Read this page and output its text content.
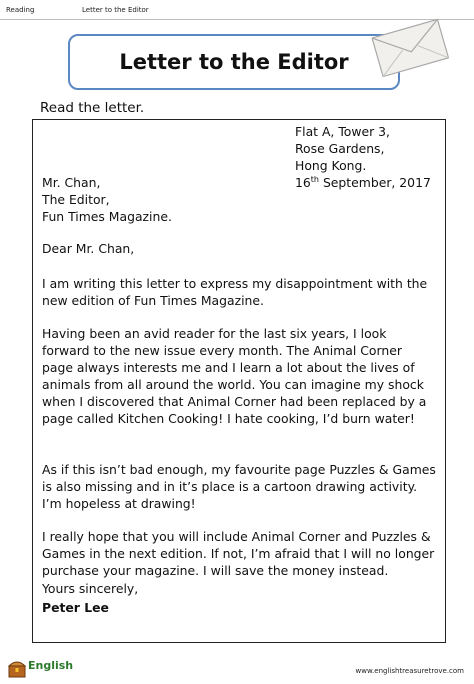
Reading	Letter to the Editor
Letter to the Editor
Read the letter.
Flat A, Tower 3,
Rose Gardens,
Hong Kong.
16th September, 2017
Mr. Chan,
The Editor,
Fun Times Magazine.
Dear Mr. Chan,
I am writing this letter to express my disappointment with the new edition of Fun Times Magazine.
Having been an avid reader for the last six years, I look forward to the new issue every month. The Animal Corner page always interests me and I learn a lot about the lives of animals from all around the world. You can imagine my shock when I discovered that Animal Corner had been replaced by a page called Kitchen Cooking! I hate cooking, I’d burn water!
As if this isn’t bad enough, my favourite page Puzzles & Games is also missing and in it’s place is a cartoon drawing activity. I’m hopeless at drawing!
I really hope that you will include Animal Corner and Puzzles & Games in the next edition. If not, I’m afraid that I will no longer purchase your magazine. I will save the money instead.
Yours sincerely,
Peter Lee
English	www.englishtreasuretrove.com
